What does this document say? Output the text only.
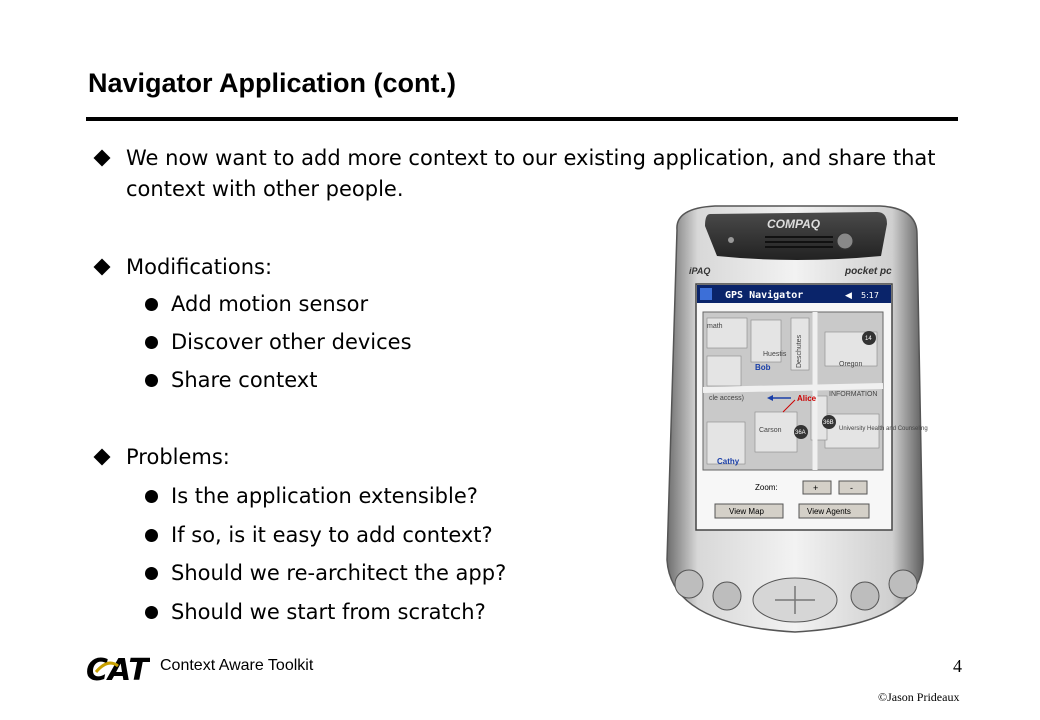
Navigator Application (cont.)
We now want to add more context to our existing application, and share that context with other people.
Modifications:
Add motion sensor
Discover other devices
Share context
Problems:
Is the application extensible?
If so, is it easy to add context?
Should we re-architect the app?
Should we start from scratch?
COMPAQ
iPAQ	pocket pc
GPS Navigator	◀ 5:17
math
Huestis Deschutes	Oregon
cle access)
Carson
INFORMATION
University Health and Counseling
14
36B
36A
Bob
Alice
Cathy
Zoom:	+	-
View Map	View Agents
CAT Context Aware Toolkit	4
©Jason Prideaux
